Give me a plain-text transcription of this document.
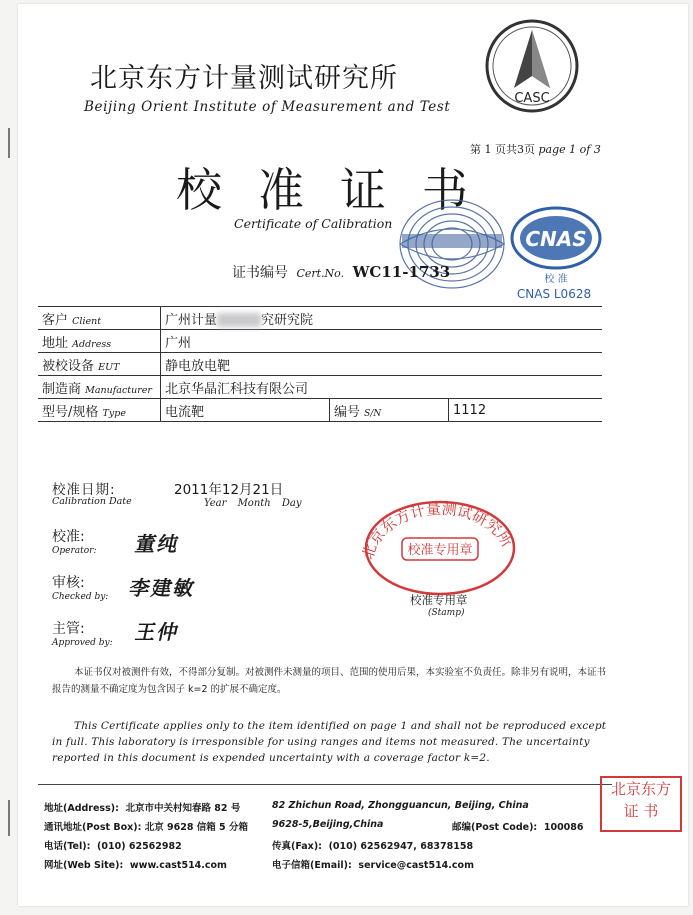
北京东方计量测试研究所
Beijing Orient Institute of Measurement and Test
CASC
第 1 页共3页 page 1 of 3
校准证书
Certificate of Calibration
CNAS
校 准
CNAS L0628
证书编号 Cert.No. WC11-1733
客户 Client	广州计量 究研究院		
地址 Address	广州		
被校设备 EUT	静电放电靶		
制造商 Manufacturer	北京华晶汇科技有限公司		
型号/规格 Type	电流靶	编号 S/N	1112
校准日期:
Calibration Date
2011年12月21日
Year Month Day
校准:
Operator: 董纯
审核:
Checked by: 李建敏
主管:
Approved by: 王仲
北京东方计量测试研究所
校准专用章
校准专用章
(Stamp)
本证书仅对被测件有效，不得部分复制。对被测件未测量的项目、范围的使用后果，本实验室不负责任。除非另有说明，本证书报告的测量不确定度为包含因子 k=2 的扩展不确定度。
This Certificate applies only to the item identified on page 1 and shall not be reproduced except in full. This laboratory is irresponsible for using ranges and items not measured. The uncertainty reported in this document is expended uncertainty with a coverage factor k=2.
地址(Address): 北京市中关村知春路 82 号	82 Zhichun Road, Zhongguancun, Beijing, China
通讯地址(Post Box): 北京 9628 信箱 5 分箱	9628-5,Beijing,China	邮编(Post Code): 100086
电话(Tel): (010) 62562982	传真(Fax): (010) 62562947, 68378158
网址(Web Site): www.cast514.com	电子信箱(Email): service@cast514.com
北京东方
证 书
